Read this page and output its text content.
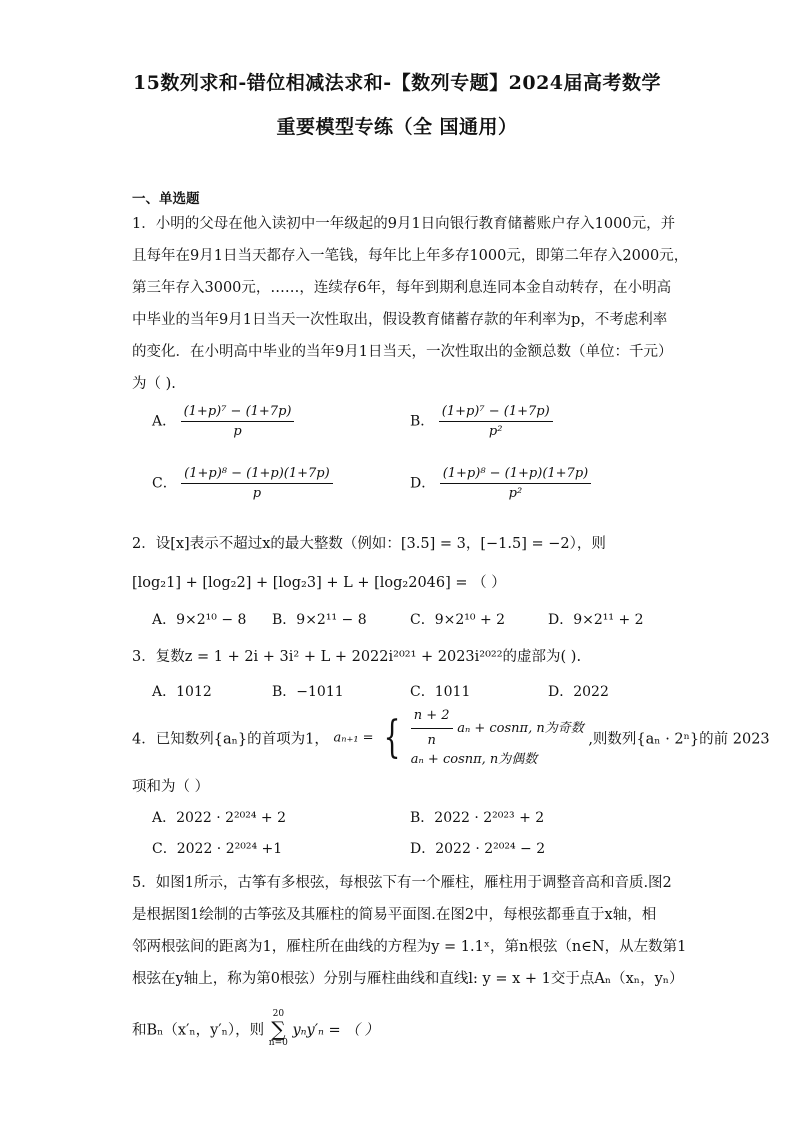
15数列求和-错位相减法求和-【数列专题】2024届高考数学
重要模型专练（全 国通用）
一、单选题
1．小明的父母在他入读初中一年级起的9月1日向银行教育储蓄账户存入1000元，并
且每年在9月1日当天都存入一笔钱，每年比上年多存1000元，即第二年存入2000元，
第三年存入3000元，……，连续存6年，每年到期利息连同本金自动转存，在小明高
中毕业的当年9月1日当天一次性取出，假设教育储蓄存款的年利率为p，不考虑利率
的变化．在小明高中毕业的当年9月1日当天，一次性取出的金额总数（单位：千元）
为（ ).
A． $\frac{\text{(1+p)⁷ − (1+7p)}}{p}$	B． $\frac{\text{(1+p)⁷ − (1+7p)}}{\text{p²}}$
C． $\frac{\text{(1+p)⁸ − (1+p)(1+7p)}}{p}$	D． $\frac{\text{(1+p)⁸ − (1+p)(1+7p)}}{\text{p²}}$
2．设[x]表示不超过x的最大整数（例如：[3.5] = 3，[−1.5] = −2），则
[log₂1] + [log₂2] + [log₂3] + L + [log₂2046] = （ ）
A．9×2¹⁰ − 8 B．9×2¹¹ − 8	C．9×2¹⁰ + 2	D．9×2¹¹ + 2
3．复数z = 1 + 2i + 3i² + L + 2022i²⁰²¹ + 2023i²⁰²²的虚部为( ).
A．1012	B．−1011	C．1011	D．2022
4．已知数列{aₙ}的首项为1， aₙ₊₁ = { $\frac{n + 2}{n}$ aₙ + cosnπ, n为奇数
aₙ + cosnπ, n为偶数
,则数列{aₙ · 2ⁿ}的前 2023
项和为（ ）
A．2022 · 2²⁰²⁴ + 2	B．2022 · 2²⁰²³ + 2
C．2022 · 2²⁰²⁴ +1	D．2022 · 2²⁰²⁴ − 2
5．如图1所示，古筝有多根弦，每根弦下有一个雁柱，雁柱用于调整音高和音质.图2
是根据图1绘制的古筝弦及其雁柱的简易平面图.在图2中，每根弦都垂直于x轴，相
邻两根弦间的距离为1，雁柱所在曲线的方程为y = 1.1ˣ，第n根弦（n∈N，从左数第1
根弦在y轴上，称为第0根弦）分别与雁柱曲线和直线l: y = x + 1交于点Aₙ（xₙ，yₙ）
和Bₙ（x′ₙ，y′ₙ），则 20
∑
n=0 yₙy′ₙ = （ ）
